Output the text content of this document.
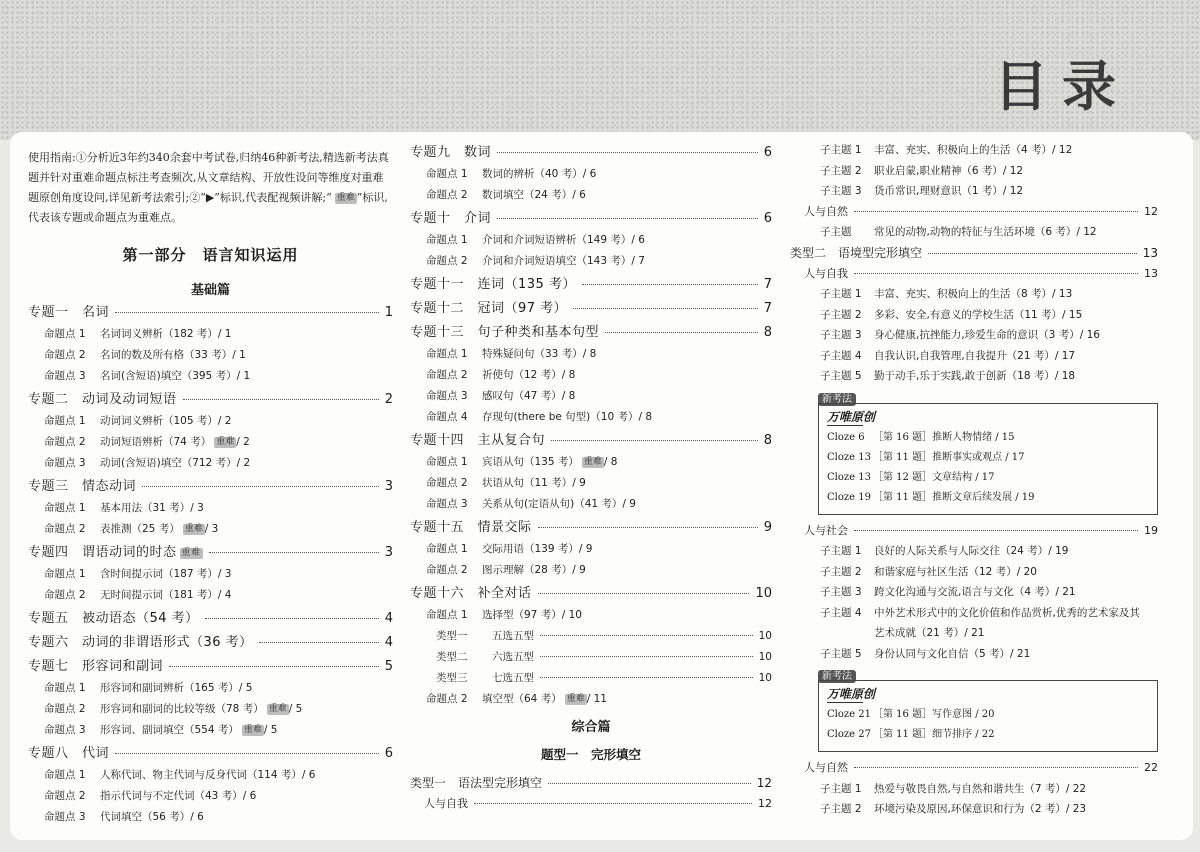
目录
使用指南:①分析近3年约340余套中考试卷,归纳46种新考法,精选新考法真题并针对重难命题点标注考查频次,从文章结构、开放性设问等维度对重难题原创角度设问,详见新考法索引;②“▶”标识,代表配视频讲解;“ 重难 ”标识,代表该专题或命题点为重难点。
第一部分　语言知识运用
基础篇
专题一　名词	1
命题点 1 名词词义辨析（182 考）/ 1
命题点 2 名词的数及所有格（33 考）/ 1
命题点 3 名词(含短语)填空（395 考）/ 1
专题二　动词及动词短语	2
命题点 1 动词词义辨析（105 考）/ 2
命题点 2 动词短语辨析（74 考） 重难 / 2
命题点 3 动词(含短语)填空（712 考）/ 2
专题三　情态动词	3
命题点 1 基本用法（31 考）/ 3
命题点 2 表推测（25 考） 重难 / 3
专题四　谓语动词的时态 重难	3
命题点 1 含时间提示词（187 考）/ 3
命题点 2 无时间提示词（181 考）/ 4
专题五　被动语态（54 考）	4
专题六　动词的非谓语形式（36 考）	4
专题七　形容词和副词	5
命题点 1 形容词和副词辨析（165 考）/ 5
命题点 2 形容词和副词的比较等级（78 考） 重难 / 5
命题点 3 形容词、副词填空（554 考） 重难 / 5
专题八　代词	6
命题点 1 人称代词、物主代词与反身代词（114 考）/ 6
命题点 2 指示代词与不定代词（43 考）/ 6
命题点 3 代词填空（56 考）/ 6
专题九　数词	6
命题点 1 数词的辨析（40 考）/ 6
命题点 2 数词填空（24 考）/ 6
专题十　介词	6
命题点 1 介词和介词短语辨析（149 考）/ 6
命题点 2 介词和介词短语填空（143 考）/ 7
专题十一　连词（135 考）	7
专题十二　冠词（97 考）	7
专题十三　句子种类和基本句型	8
命题点 1 特殊疑问句（33 考）/ 8
命题点 2 祈使句（12 考）/ 8
命题点 3 感叹句（47 考）/ 8
命题点 4 存现句(there be 句型)（10 考）/ 8
专题十四　主从复合句	8
命题点 1 宾语从句（135 考） 重难 / 8
命题点 2 状语从句（11 考）/ 9
命题点 3 关系从句(定语从句)（41 考）/ 9
专题十五　情景交际	9
命题点 1 交际用语（139 考）/ 9
命题点 2 图示理解（28 考）/ 9
专题十六　补全对话	10
命题点 1 选择型（97 考）/ 10
类型一 五选五型	10
类型二 六选五型	10
类型三 七选五型	10
命题点 2 填空型（64 考） 重难 / 11
综合篇
题型一　完形填空
类型一　语法型完形填空	12
人与自我	12
子主题 1 丰富、充实、积极向上的生活（4 考）/ 12
子主题 2 职业启蒙,职业精神（6 考）/ 12
子主题 3 货币常识,理财意识（1 考）/ 12
人与自然	12
子主题 常见的动物,动物的特征与生活环境（6 考）/ 12
类型二　语境型完形填空	13
人与自我	13
子主题 1 丰富、充实、积极向上的生活（8 考）/ 13
子主题 2 多彩、安全,有意义的学校生活（11 考）/ 15
子主题 3 身心健康,抗挫能力,珍爱生命的意识（3 考）/ 16
子主题 4 自我认识,自我管理,自我提升（21 考）/ 17
子主题 5 勤于动手,乐于实践,敢于创新（18 考）/ 18
新考法
万唯原创
Cloze 6 ［第 16 题］推断人物情绪 / 15
Cloze 13 ［第 11 题］推断事实或观点 / 17
Cloze 13 ［第 12 题］文章结构 / 17
Cloze 19 ［第 11 题］推断文章后续发展 / 19
人与社会	19
子主题 1 良好的人际关系与人际交往（24 考）/ 19
子主题 2 和谐家庭与社区生活（12 考）/ 20
子主题 3 跨文化沟通与交流,语言与文化（4 考）/ 21
子主题 4 中外艺术形式中的文化价值和作品赏析,优秀的艺术家及其
艺术成就（21 考）/ 21
子主题 5 身份认同与文化自信（5 考）/ 21
新考法
万唯原创
Cloze 21 ［第 16 题］写作意图 / 20
Cloze 27 ［第 11 题］细节排序 / 22
人与自然	22
子主题 1 热爱与敬畏自然,与自然和谐共生（7 考）/ 22
子主题 2 环境污染及原因,环保意识和行为（2 考）/ 23
